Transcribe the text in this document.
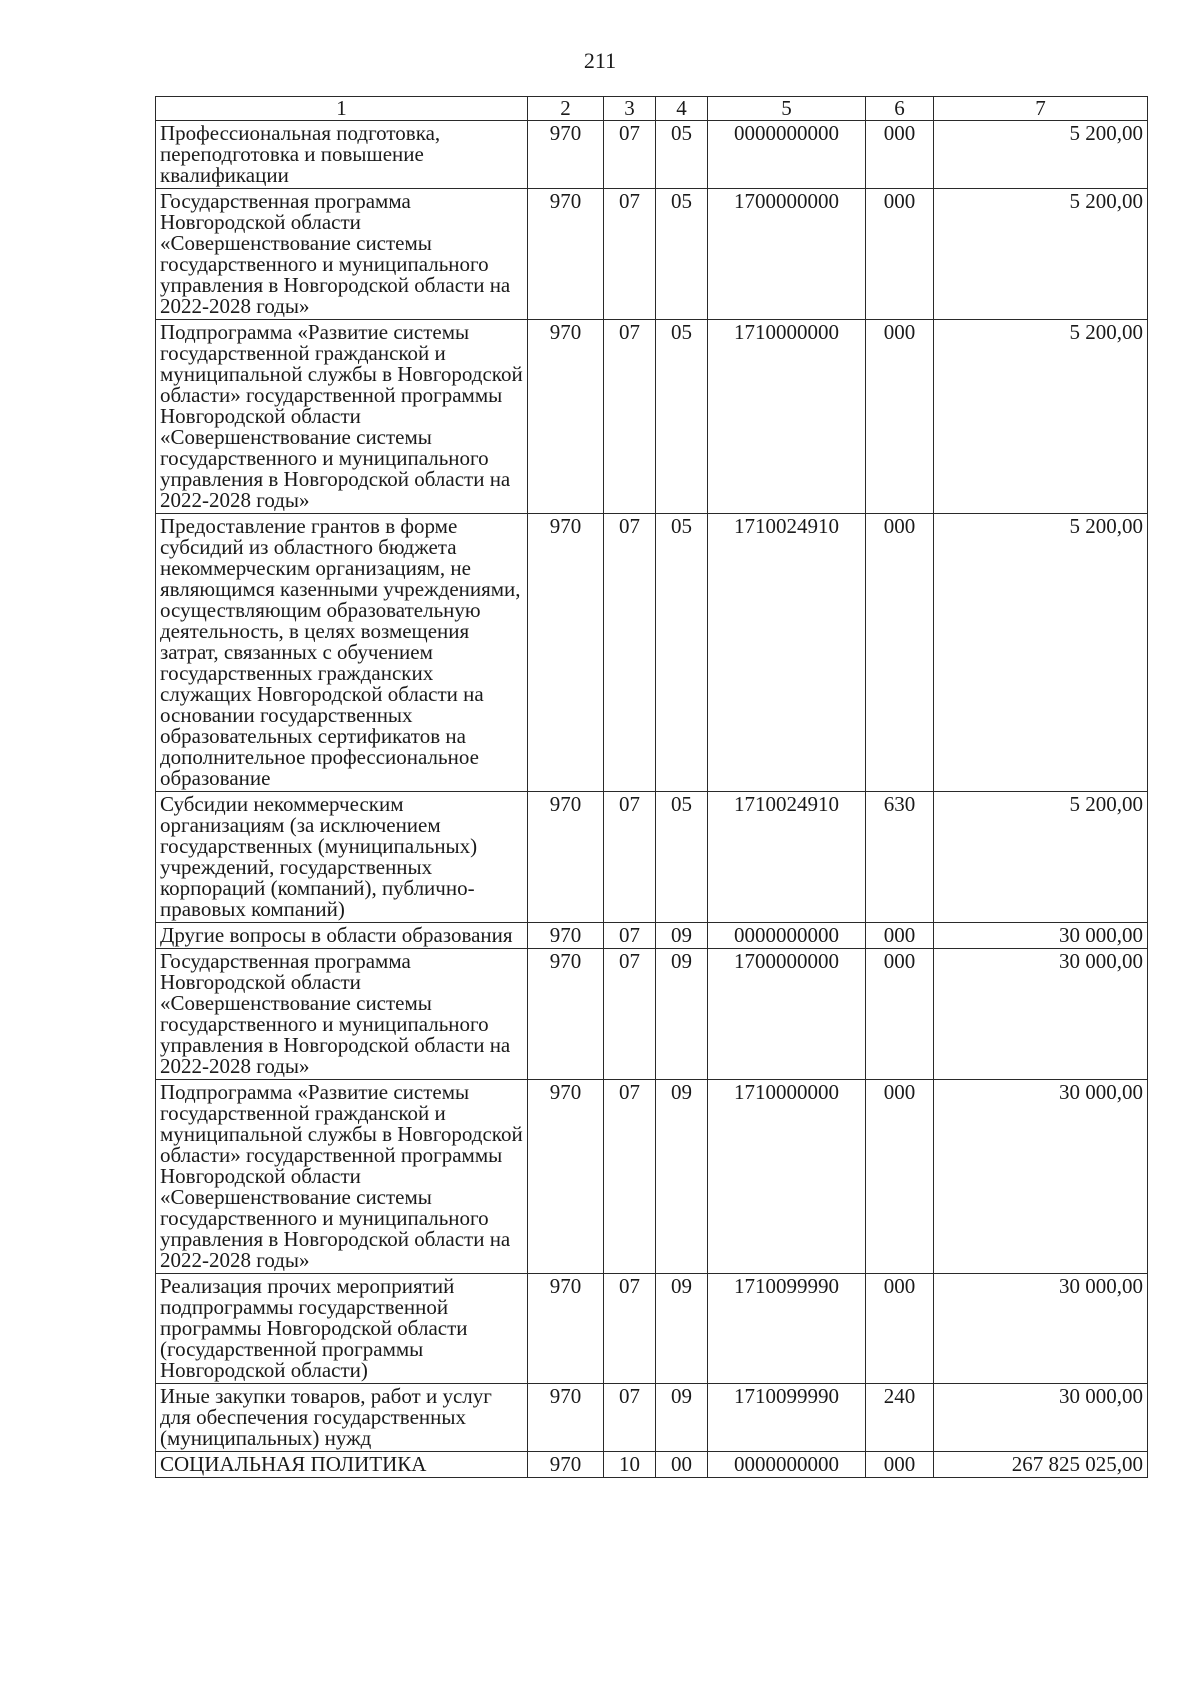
211
1	2	3	4	5	6	7
Профессиональная подготовка, переподготовка и повышение квалификации	970	07	05	0000000000	000	5 200,00
Государственная программа Новгородской области «Совершенствование системы государственного и муниципального управления в Новгородской области на 2022-2028 годы»	970	07	05	1700000000	000	5 200,00
Подпрограмма «Развитие системы государственной гражданской и муниципальной службы в Новгородской области» государственной программы Новгородской области «Совершенствование системы государственного и муниципального управления в Новгородской области на 2022-2028 годы»	970	07	05	1710000000	000	5 200,00
Предоставление грантов в форме субсидий из областного бюджета некоммерческим организациям, не являющимся казенными учреждениями, осуществляющим образовательную деятельность, в целях возмещения затрат, связанных с обучением государственных гражданских служащих Новгородской области на основании государственных образовательных сертификатов на дополнительное профессиональное образование	970	07	05	1710024910	000	5 200,00
Субсидии некоммерческим организациям (за исключением государственных (муниципальных) учреждений, государственных корпораций (компаний), публично-правовых компаний)	970	07	05	1710024910	630	5 200,00
Другие вопросы в области образования	970	07	09	0000000000	000	30 000,00
Государственная программа Новгородской области «Совершенствование системы государственного и муниципального управления в Новгородской области на 2022-2028 годы»	970	07	09	1700000000	000	30 000,00
Подпрограмма «Развитие системы государственной гражданской и муниципальной службы в Новгородской области» государственной программы Новгородской области «Совершенствование системы государственного и муниципального управления в Новгородской области на 2022-2028 годы»	970	07	09	1710000000	000	30 000,00
Реализация прочих мероприятий подпрограммы государственной программы Новгородской области (государственной программы Новгородской области)	970	07	09	1710099990	000	30 000,00
Иные закупки товаров, работ и услуг для обеспечения государственных (муниципальных) нужд	970	07	09	1710099990	240	30 000,00
СОЦИАЛЬНАЯ ПОЛИТИКА	970	10	00	0000000000	000	267 825 025,00
